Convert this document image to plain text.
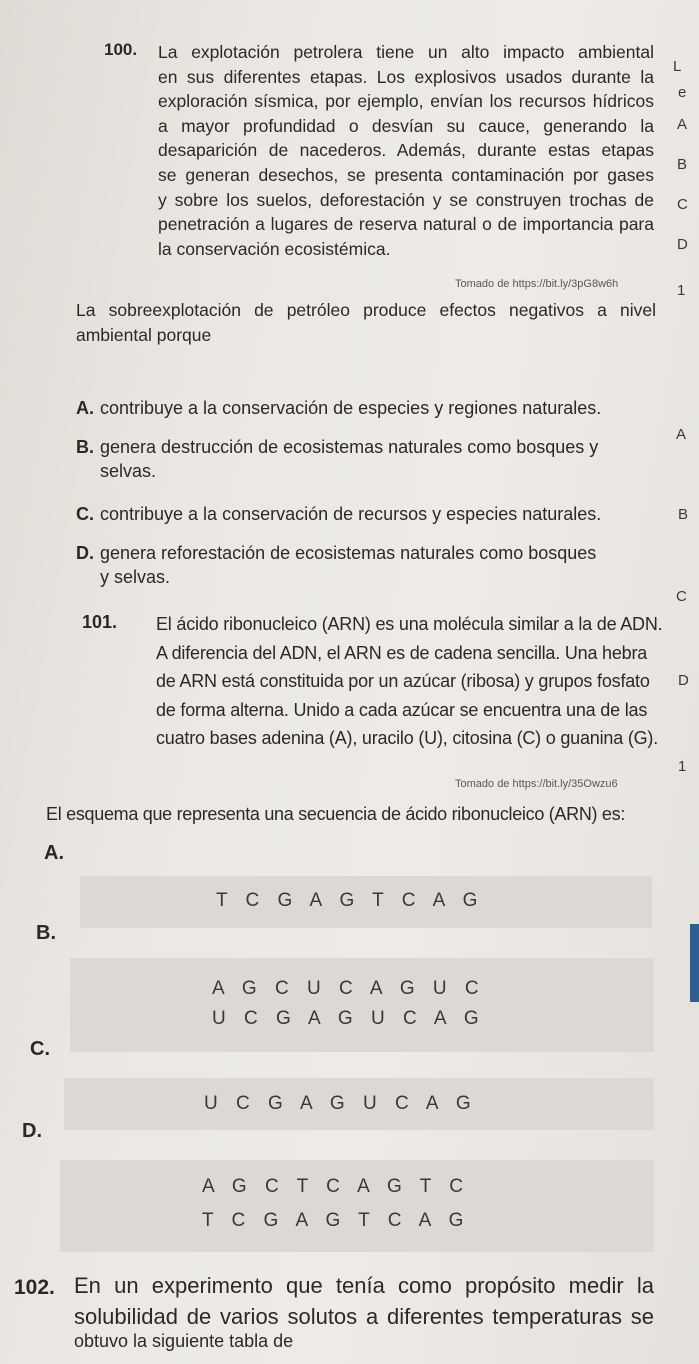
100. La explotación petrolera tiene un alto impacto ambiental
en sus diferentes etapas. Los explosivos usados durante la
exploración sísmica, por ejemplo, envían los recursos hídricos
a mayor profundidad o desvían su cauce, generando la
desaparición de nacederos. Además, durante estas etapas
se generan desechos, se presenta contaminación por gases
y sobre los suelos, deforestación y se construyen trochas de
penetración a lugares de reserva natural o de importancia para
la conservación ecosistémica.
Tomado de https://bit.ly/3pG8w6h
La sobreexplotación de petróleo produce efectos negativos a nivel
ambiental porque
A. contribuye a la conservación de especies y regiones naturales.
B. genera destrucción de ecosistemas naturales como bosques y
selvas.
C. contribuye a la conservación de recursos y especies naturales.
D. genera reforestación de ecosistemas naturales como bosques
y selvas.
101. El ácido ribonucleico (ARN) es una molécula similar a la de ADN.
A diferencia del ADN, el ARN es de cadena sencilla. Una hebra
de ARN está constituida por un azúcar (ribosa) y grupos fosfato
de forma alterna. Unido a cada azúcar se encuentra una de las
cuatro bases adenina (A), uracilo (U), citosina (C) o guanina (G).
Tomado de https://bit.ly/35Owzu6
El esquema que representa una secuencia de ácido ribonucleico (ARN) es:
A.
T C G A G T C A G
B.
A G C U C A G U C
U C G A G U C A G
C.
U C G A G U C A G
D.
A G C T C A G T C
T C G A G T C A G
102. En un experimento que tenía como propósito medir la
solubilidad de varios solutos a diferentes temperaturas se
obtuvo la siguiente tabla de
L
e
A
B
C
D
1
A
B
C
D
1
